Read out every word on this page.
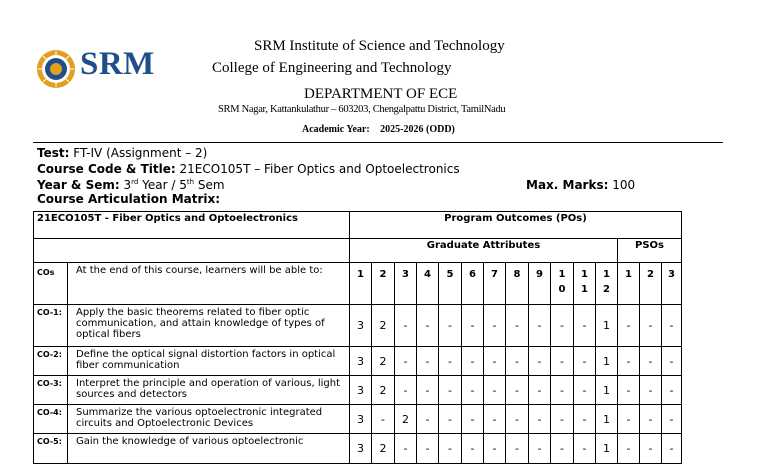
SRM	SRM Institute of Science and Technology
College of Engineering and Technology
DEPARTMENT OF ECE
SRM Nagar, Kattankulathur – 603203, Chengalpattu District, TamilNadu
Academic Year: 2025-2026 (ODD)
Test: FT-IV (Assignment – 2)
Course Code & Title: 21ECO105T – Fiber Optics and Optoelectronics
Year & Sem: 3rd Year / 5th Sem	Max. Marks: 100
Course Articulation Matrix:
21ECO105T - Fiber Optics and Optoelectronics		Program Outcomes (POs)														
		Graduate Attributes												PSOs		
COs	At the end of this course, learners will be able to:	1	2	3	4	5	6	7	8	9	10	11	12	1	2	3
CO-1:	Apply the basic theorems related to fiber optic communication, and attain knowledge of types of optical fibers	3	2	-	-	-	-	-	-	-	-	-	1	-	-	-
CO-2:	Define the optical signal distortion factors in optical fiber communication	3	2	-	-	-	-	-	-	-	-	-	1	-	-	-
CO-3:	Interpret the principle and operation of various, light sources and detectors	3	2	-	-	-	-	-	-	-	-	-	1	-	-	-
CO-4:	Summarize the various optoelectronic integrated circuits and Optoelectronic Devices	3	-	2	-	-	-	-	-	-	-	-	1	-	-	-
CO-5:	Gain the knowledge of various optoelectronic	3	2	-	-	-	-	-	-	-	-	-	1	-	-	-
